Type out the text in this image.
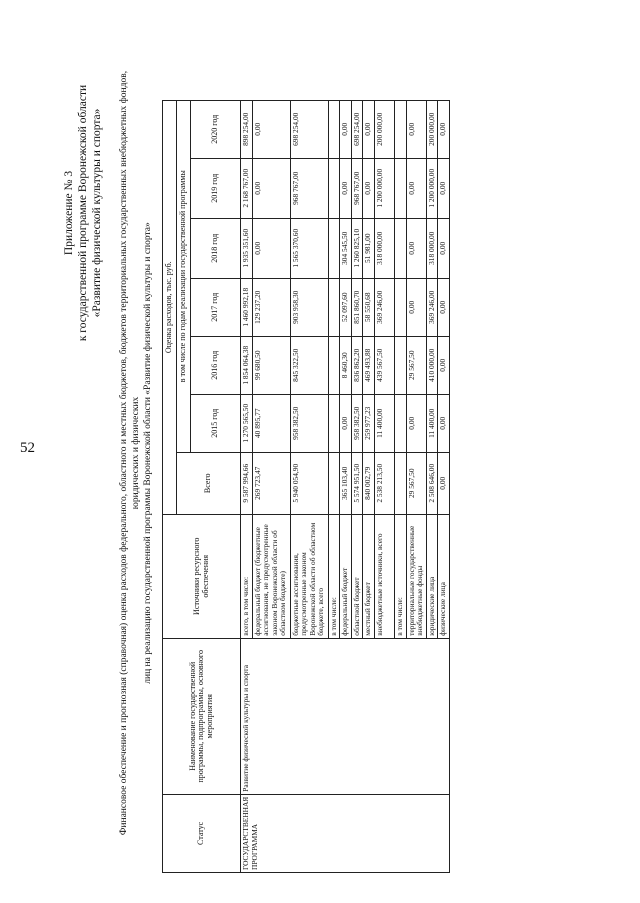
52
Приложение № 3 к государственной программе Воронежской области «Развитие физической культуры и спорта» Финансовое обеспечение и прогнозная (справочная) оценка расходов федерального, областного и местных бюджетов, бюджетов территориальных государственных внебюджетных фондов, юридических и физических лиц на реализацию государственной программы Воронежской области «Развитие физической культуры и спорта»
Статус	Наименование государственной программы, подпрограммы, основного мероприятия	Источники ресурсного обеспечения	Оценка расходов, тыс. руб.						
			Всего	в том числе по годам реализации государственной программы					
				2015 год	2016 год	2017 год	2018 год	2019 год	2020 год
ГОСУДАРСТВЕННАЯ ПРОГРАММА	Развитие физической культуры и спорта	всего, в том числе:	9 587 994,66	1 270 565,50	1 854 064,38	1 460 992,18	1 935 351,60	2 168 767,00	898 254,00
		федеральный бюджет (бюджетные ассигнования, не предусмотренные законом Воронежской области об областном бюджете)	269 723,47	40 895,77	99 680,50	129 237,20	0,00	0,00	0,00
		бюджетные ассигнования, предусмотренные законом Воронежской области об областном бюджете, всего	5 940 054,90	958 382,50	845 322,50	903 958,30	1 565 370,60	968 767,00	698 254,00
		в том числе:							
		федеральный бюджет	365 103,40	0,00	8 460,30	52 097,60	304 545,50	0,00	0,00
		областной бюджет	5 574 951,50	958 382,50	836 862,20	851 860,70	1 260 825,10	968 767,00	698 254,00
		местный бюджет	840 002,79	259 977,23	469 493,88	58 550,68	51 981,00	0,00	0,00
		внебюджетные источники, всего	2 538 213,50	11 400,00	439 567,50	369 246,00	318 000,00	1 200 000,00	200 000,00
		в том числе:							
		территориальные государственные внебюджетные фонды	29 567,50	0,00	29 567,50	0,00	0,00	0,00	0,00
		юридические лица	2 508 646,00	11 400,00	410 000,00	369 246,00	318 000,00	1 200 000,00	200 000,00
		физические лица	0,00	0,00	0,00	0,00	0,00	0,00	0,00
